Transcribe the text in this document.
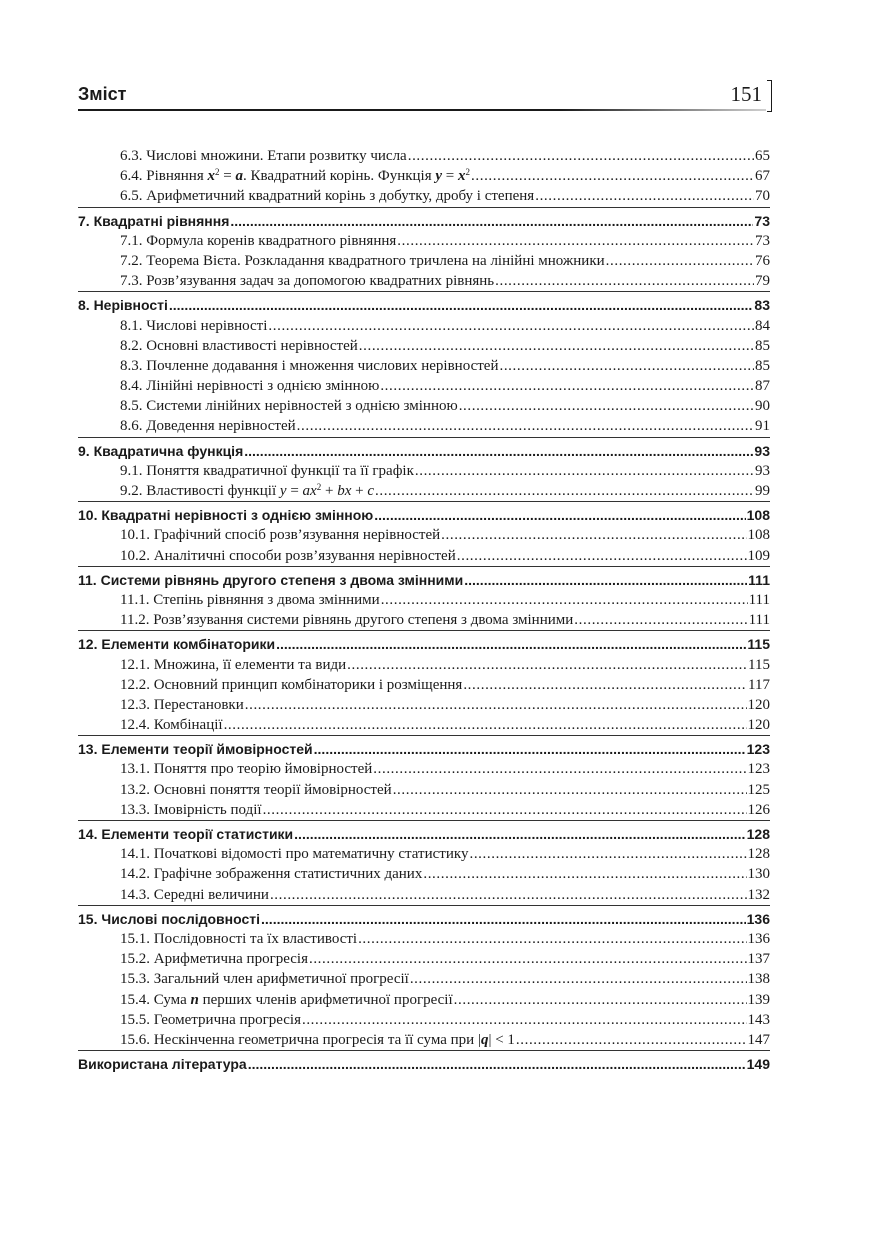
Зміст	151
6.3. Числові множини. Етапи розвитку числа .....	65
6.4. Рівняння $x^2 = a$. Квадратний корінь. Функція $y = x^2$ .....	67
6.5. Арифметичний квадратний корінь з добутку, дробу і степеня .....	70
7. Квадратні рівняння .....	73
7.1. Формула коренів квадратного рівняння .....	73
7.2. Теорема Вієта. Розкладання квадратного тричлена на лінійні множники .....	76
7.3. Розв’язування задач за допомогою квадратних рівнянь .....	79
8. Нерівності .....	83
8.1. Числові нерівності .....	84
8.2. Основні властивості нерівностей .....	85
8.3. Почленне додавання і множення числових нерівностей .....	85
8.4. Лінійні нерівності з однією змінною .....	87
8.5. Системи лінійних нерівностей з однією змінною .....	90
8.6. Доведення нерівностей .....	91
9. Квадратична функція .....	93
9.1. Поняття квадратичної функції та її графік .....	93
9.2. Властивості функції $y = ax^2$ + bx + c .....	99
10. Квадратні нерівності з однією змінною .....	108
10.1. Графічний спосіб розв’язування нерівностей .....	108
10.2. Аналітичні способи розв’язування нерівностей .....	109
11. Системи рівнянь другого степеня з двома змінними .....	111
11.1. Степінь рівняння з двома змінними .....	111
11.2. Розв’язування системи рівнянь другого степеня з двома змінними .....	111
12. Елементи комбінаторики .....	115
12.1. Множина, її елементи та види .....	115
12.2. Основний принцип комбінаторики і розміщення .....	117
12.3. Перестановки .....	120
12.4. Комбінації .....	120
13. Елементи теорії ймовірностей .....	123
13.1. Поняття про теорію ймовірностей .....	123
13.2. Основні поняття теорії ймовірностей .....	125
13.3. Імовірність події .....	126
14. Елементи теорії статистики .....	128
14.1. Початкові відомості про математичну статистику .....	128
14.2. Графічне зображення статистичних даних .....	130
14.3. Середні величини .....	132
15. Числові послідовності .....	136
15.1. Послідовності та їх властивості .....	136
15.2. Арифметична прогресія .....	137
15.3. Загальний член арифметичної прогресії .....	138
15.4. Сума n перших членів арифметичної прогресії .....	139
15.5. Геометрична прогресія .....	143
15.6. Нескінченна геометрична прогресія та її сума при |q| < 1 .....	147
Використана література .....	149
